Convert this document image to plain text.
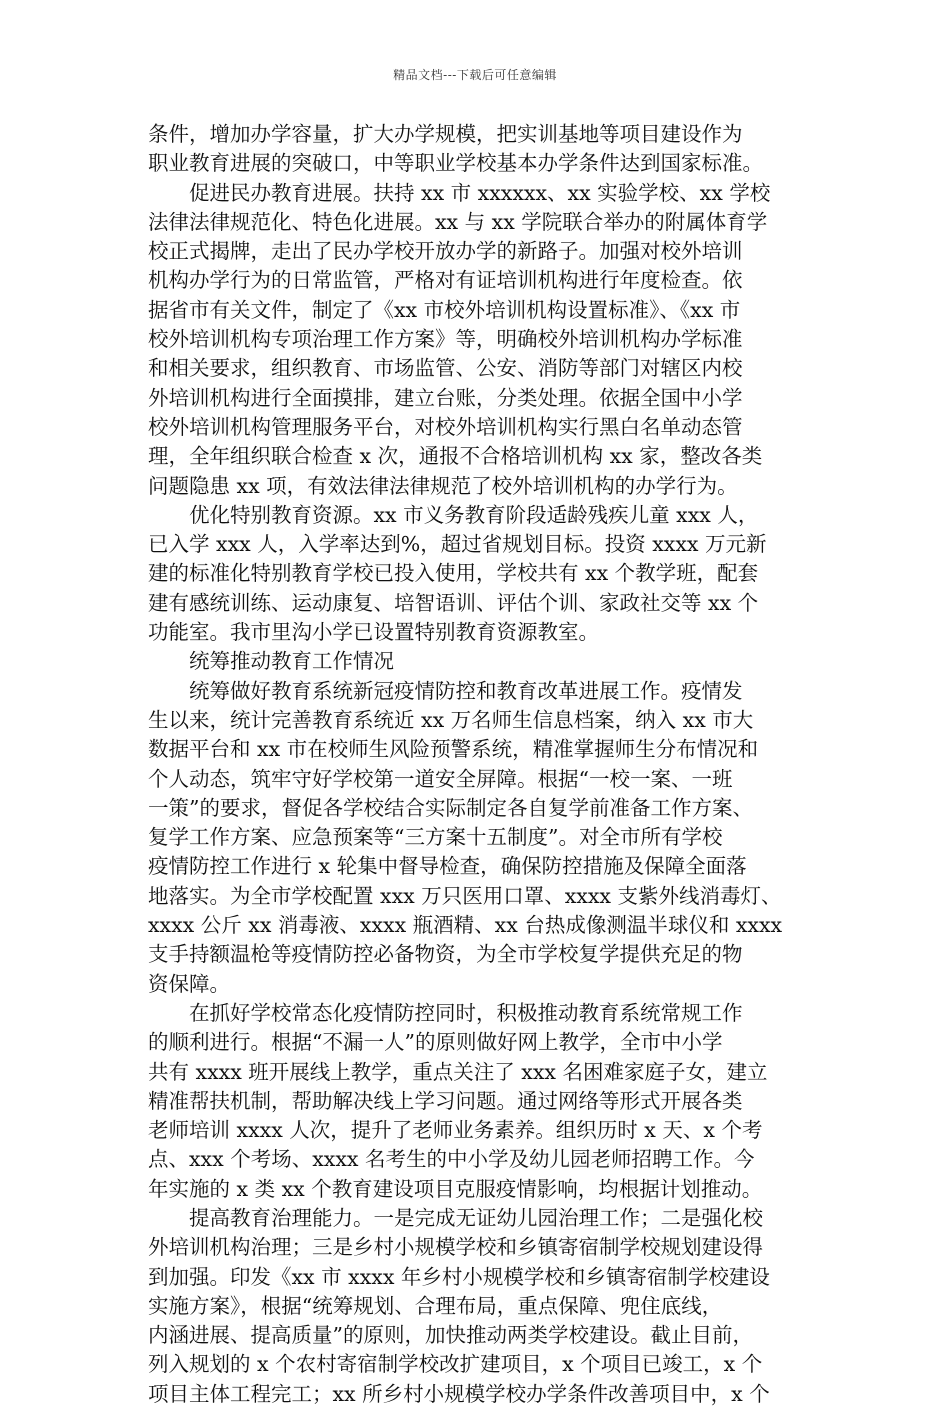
精品文档---下载后可任意编辑
条件，增加办学容量，扩大办学规模，把实训基地等项目建设作为
职业教育进展的突破口，中等职业学校基本办学条件达到国家标准。
促进民办教育进展。扶持 xx 市 xxxxxx、xx 实验学校、xx 学校
法律法律规范化、特色化进展。xx 与 xx 学院联合举办的附属体育学
校正式揭牌，走出了民办学校开放办学的新路子。加强对校外培训
机构办学行为的日常监管，严格对有证培训机构进行年度检查。依
据省市有关文件，制定了《xx 市校外培训机构设置标准》、《xx 市
校外培训机构专项治理工作方案》等，明确校外培训机构办学标准
和相关要求，组织教育、市场监管、公安、消防等部门对辖区内校
外培训机构进行全面摸排，建立台账，分类处理。依据全国中小学
校外培训机构管理服务平台，对校外培训机构实行黑白名单动态管
理，全年组织联合检查 x 次，通报不合格培训机构 xx 家，整改各类
问题隐患 xx 项，有效法律法律规范了校外培训机构的办学行为。
优化特别教育资源。xx 市义务教育阶段适龄残疾儿童 xxx 人，
已入学 xxx 人，入学率达到%，超过省规划目标。投资 xxxx 万元新
建的标准化特别教育学校已投入使用，学校共有 xx 个教学班，配套
建有感统训练、运动康复、培智语训、评估个训、家政社交等 xx 个
功能室。我市里沟小学已设置特别教育资源教室。
统筹推动教育工作情况
统筹做好教育系统新冠疫情防控和教育改革进展工作。疫情发
生以来，统计完善教育系统近 xx 万名师生信息档案，纳入 xx 市大
数据平台和 xx 市在校师生风险预警系统，精准掌握师生分布情况和
个人动态，筑牢守好学校第一道安全屏障。根据“一校一案、一班
一策”的要求，督促各学校结合实际制定各自复学前准备工作方案、
复学工作方案、应急预案等“三方案十五制度”。对全市所有学校
疫情防控工作进行 x 轮集中督导检查，确保防控措施及保障全面落
地落实。为全市学校配置 xxx 万只医用口罩、xxxx 支紫外线消毒灯、
xxxx 公斤 xx 消毒液、xxxx 瓶酒精、xx 台热成像测温半球仪和 xxxx
支手持额温枪等疫情防控必备物资，为全市学校复学提供充足的物
资保障。
在抓好学校常态化疫情防控同时，积极推动教育系统常规工作
的顺利进行。根据“不漏一人”的原则做好网上教学，全市中小学
共有 xxxx 班开展线上教学，重点关注了 xxx 名困难家庭子女，建立
精准帮扶机制，帮助解决线上学习问题。通过网络等形式开展各类
老师培训 xxxx 人次，提升了老师业务素养。组织历时 x 天、x 个考
点、xxx 个考场、xxxx 名考生的中小学及幼儿园老师招聘工作。今
年实施的 x 类 xx 个教育建设项目克服疫情影响，均根据计划推动。
提高教育治理能力。一是完成无证幼儿园治理工作；二是强化校
外培训机构治理；三是乡村小规模学校和乡镇寄宿制学校规划建设得
到加强。印发《xx 市 xxxx 年乡村小规模学校和乡镇寄宿制学校建设
实施方案》，根据“统筹规划、合理布局，重点保障、兜住底线，
内涵进展、提高质量”的原则，加快推动两类学校建设。截止目前，
列入规划的 x 个农村寄宿制学校改扩建项目，x 个项目已竣工，x 个
项目主体工程完工；xx 所乡村小规模学校办学条件改善项目中，x 个
